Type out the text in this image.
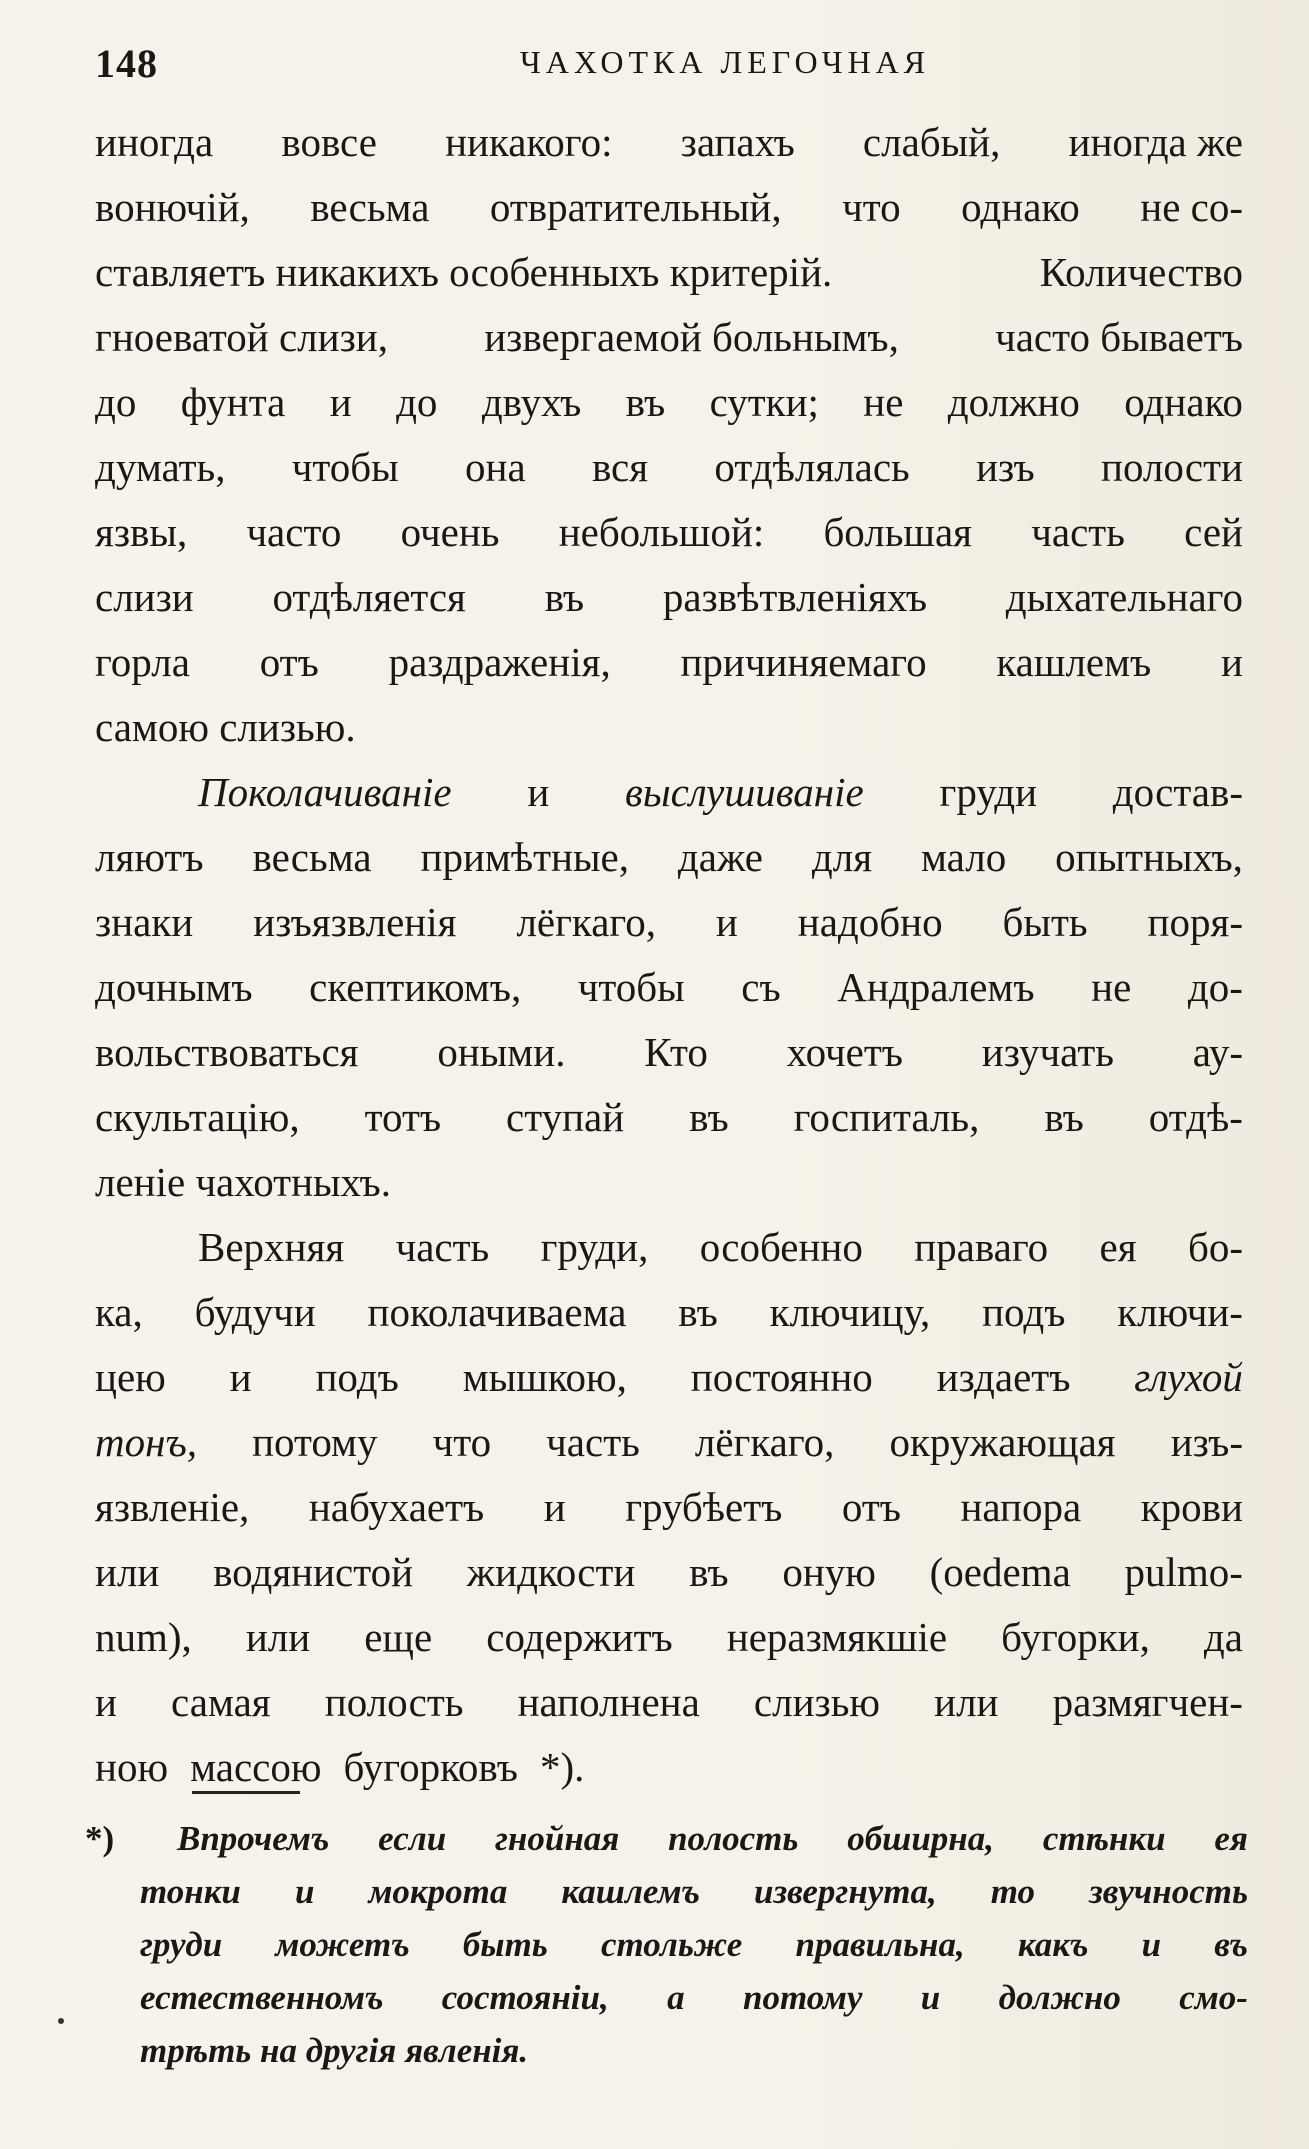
148	ЧАХОТКА ЛЕГОЧНАЯ
иногда вовсе никакого: запахъ слабый, иногда же
вонючій, весьма отвратительный, что однако не со-
ставляетъ никакихъ особенныхъ критерій.	Количество
гноеватой слизи, извергаемой больнымъ, часто бываетъ
до фунта и до двухъ въ сутки; не должно однако
думать, чтобы она вся отдѣлялась изъ полости
язвы, часто очень небольшой: большая часть сей
слизи отдѣляется въ развѣтвленіяхъ дыхательнаго
горла отъ раздраженія, причиняемаго кашлемъ и
самою слизью.
Поколачиваніе и выслушиваніе груди достав-
ляютъ весьма примѣтные, даже для мало опытныхъ,
знаки изъязвленія лёгкаго, и надобно быть поря-
дочнымъ скептикомъ, чтобы съ Андралемъ не до-
вольствоваться оными. Кто хочетъ изучать ау-
скультацію, тотъ ступай въ госпиталь, въ отдѣ-
леніе чахотныхъ.
Верхняя часть груди, особенно праваго ея бо-
ка, будучи поколачиваема въ ключицу, подъ ключи-
цею и подъ мышкою, постоянно издаетъ глухой
тонъ, потому что часть лёгкаго, окружающая изъ-
язвленіе, набухаетъ и грубѣетъ отъ напора крови
или водянистой жидкости въ оную (oedema pulmo-
num), или еще содержитъ неразмякшіе бугорки, да
и самая полость наполнена слизью или размягчен-
ною массою бугорковъ *).
*) Впрочемъ если гнойная полость обширна, стѣнки ея
тонки и мокрота кашлемъ извергнута, то звучность
груди можетъ быть стольже правильна, какъ и въ
естественномъ состояніи, а потому и должно смо-
трѣть на другія явленія.
